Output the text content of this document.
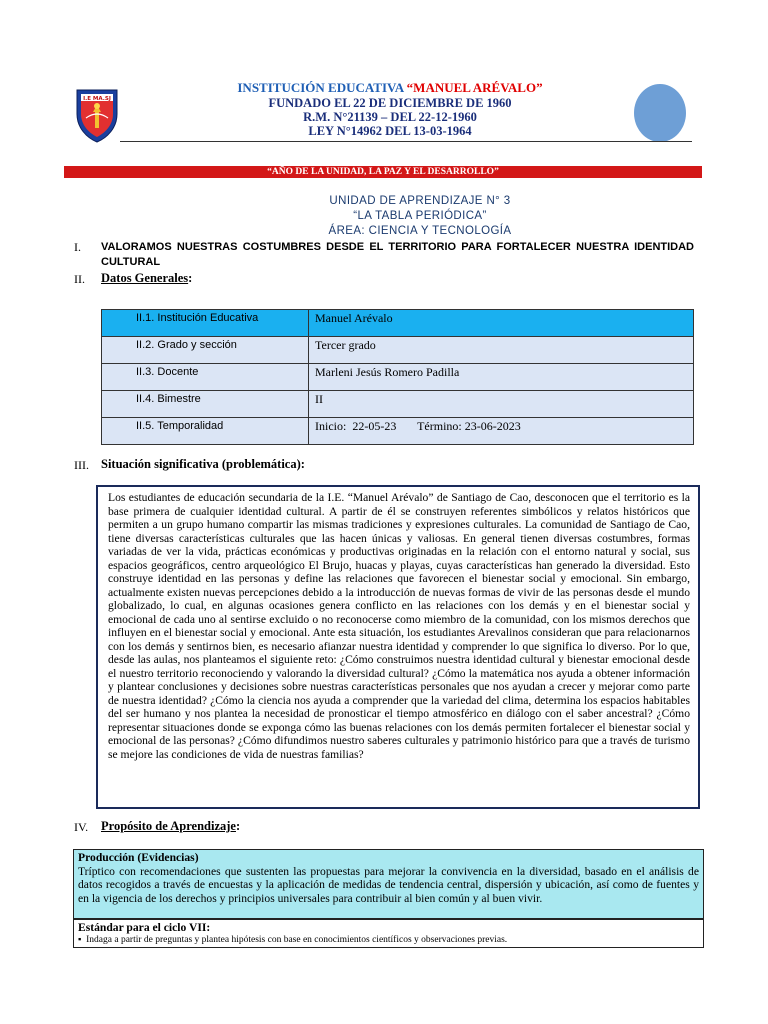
I.E MA.SJ
INSTITUCIÓN EDUCATIVA “MANUEL ARÉVALO”
FUNDADO EL 22 DE DICIEMBRE DE 1960
R.M. N°21139 – DEL 22-12-1960
LEY N°14962 DEL 13-03-1964
“AÑO DE LA UNIDAD, LA PAZ Y EL DESARROLLO”
UNIDAD DE APRENDIZAJE N° 3
“LA TABLA PERIÓDICA”
ÁREA: CIENCIA Y TECNOLOGÍA
I. VALORAMOS NUESTRAS COSTUMBRES DESDE EL TERRITORIO PARA FORTALECER NUESTRA IDENTIDAD CULTURAL
II. Datos Generales:
II.1. Institución Educativa	Manuel Arévalo
II.2. Grado y sección	Tercer grado
II.3. Docente	Marleni Jesús Romero Padilla
II.4. Bimestre	II
II.5. Temporalidad	Inicio:  22-05-23       Término: 23-06-2023
III. Situación significativa (problemática):
Los estudiantes de educación secundaria de la I.E. “Manuel Arévalo” de Santiago de Cao, desconocen que el territorio es la base primera de cualquier identidad cultural. A partir de él se construyen referentes simbólicos y relatos históricos que permiten a un grupo humano compartir las mismas tradiciones y expresiones culturales. La comunidad de Santiago de Cao, tiene diversas características culturales que las hacen únicas y valiosas. En general tienen diversas costumbres, formas variadas de ver la vida, prácticas económicas y productivas originadas en la relación con el entorno natural y social, sus espacios geográficos, centro arqueológico El Brujo, huacas y playas, cuyas características han generado la diversidad. Esto construye identidad en las personas y define las relaciones que favorecen el bienestar social y emocional. Sin embargo, actualmente existen nuevas percepciones debido a la introducción de nuevas formas de vivir de las personas desde el mundo globalizado, lo cual, en algunas ocasiones genera conflicto en las relaciones con los demás y en el bienestar social y emocional de cada uno al sentirse excluido o no reconocerse como miembro de la comunidad, con los mismos derechos que influyen en el bienestar social y emocional. Ante esta situación, los estudiantes Arevalinos consideran que para relacionarnos con los demás y sentirnos bien, es necesario afianzar nuestra identidad y comprender lo que significa lo diverso. Por lo que, desde las aulas, nos planteamos el siguiente reto: ¿Cómo construimos nuestra identidad cultural y bienestar emocional desde el nuestro territorio reconociendo y valorando la diversidad cultural? ¿Cómo la matemática nos ayuda a obtener información y plantear conclusiones y decisiones sobre nuestras características personales que nos ayudan a crecer y mejorar como parte de nuestra identidad? ¿Cómo la ciencia nos ayuda a comprender que la variedad del clima, determina los espacios habitables del ser humano y nos plantea la necesidad de pronosticar el tiempo atmosférico en diálogo con el saber ancestral? ¿Cómo representar situaciones donde se exponga cómo las buenas relaciones con los demás permiten fortalecer el bienestar social y emocional de las personas? ¿Cómo difundimos nuestro saberes culturales y patrimonio histórico para que a través de turismo se mejore las condiciones de vida de nuestras familias?
IV. Propósito de Aprendizaje:
Producción (Evidencias)
Tríptico con recomendaciones que sustenten las propuestas para mejorar la convivencia en la diversidad, basado en el análisis de datos recogidos a través de encuestas y la aplicación de medidas de tendencia central, dispersión y ubicación, así como de fuentes y en la vigencia de los derechos y principios universales para contribuir al bien común y al buen vivir.
Estándar para el ciclo VII:
▪ Indaga a partir de preguntas y plantea hipótesis con base en conocimientos científicos y observaciones previas.
